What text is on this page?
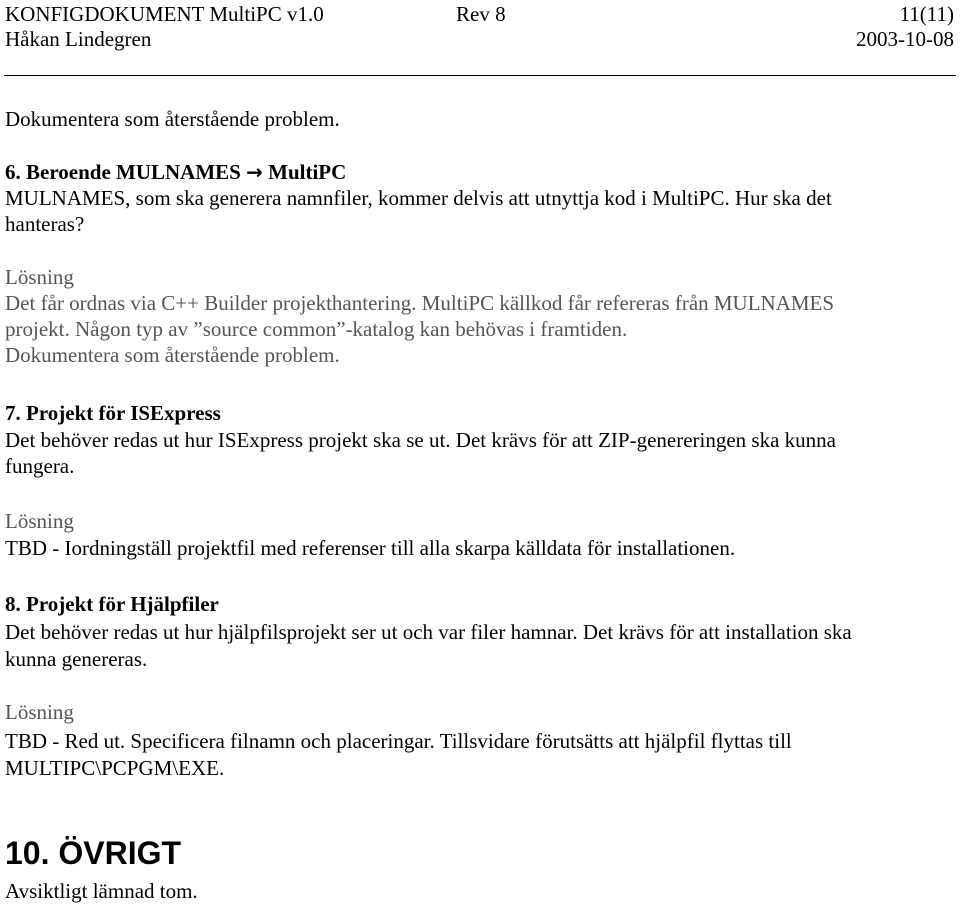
KONFIGDOKUMENT MultiPC v1.0	Rev 8	11(11)
Håkan Lindegren	2003-10-08
Dokumentera som återstående problem.
6. Beroende MULNAMES → MultiPC
MULNAMES, som ska generera namnfiler, kommer delvis att utnyttja kod i MultiPC. Hur ska det
hanteras?
Lösning
Det får ordnas via C++ Builder projekthantering. MultiPC källkod får refereras från MULNAMES
projekt. Någon typ av ”source common”-katalog kan behövas i framtiden.
Dokumentera som återstående problem.
7. Projekt för ISExpress
Det behöver redas ut hur ISExpress projekt ska se ut. Det krävs för att ZIP-genereringen ska kunna
fungera.
Lösning
TBD - Iordningställ projektfil med referenser till alla skarpa källdata för installationen.
8. Projekt för Hjälpfiler
Det behöver redas ut hur hjälpfilsprojekt ser ut och var filer hamnar. Det krävs för att installation ska
kunna genereras.
Lösning
TBD - Red ut. Specificera filnamn och placeringar. Tillsvidare förutsätts att hjälpfil flyttas till
MULTIPC\PCPGM\EXE.
10. ÖVRIGT
Avsiktligt lämnad tom.
